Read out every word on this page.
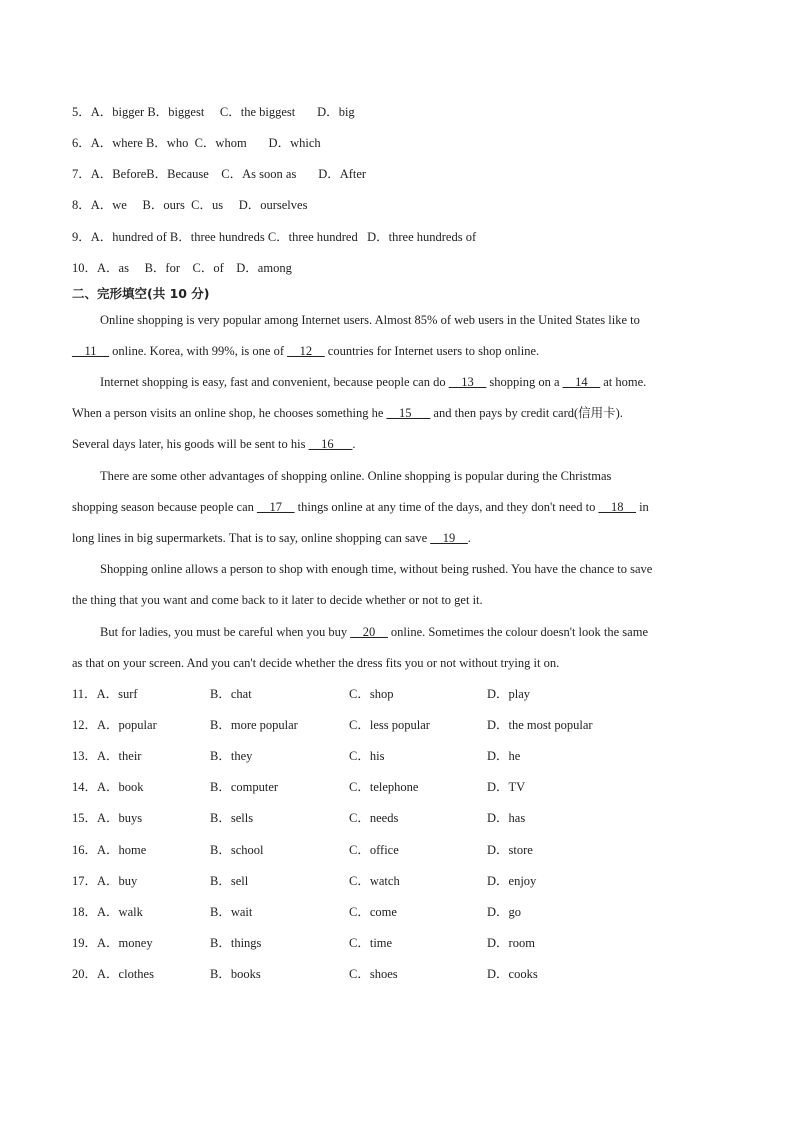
5．A．bigger B．biggest     C．the biggest       D．big
6．A．where B．who  C．whom       D．which
7．A．BeforeB．Because    C．As soon as       D．After
8．A．we     B．ours  C．us     D．ourselves
9．A．hundred of B．three hundreds C．three hundred   D．three hundreds of
10．A．as     B．for    C．of    D．among
二、完形填空(共 10 分)
Online shopping is very popular among Internet users. Almost 85% of web users in the United States like to
__11__ online. Korea, with 99%, is one of __12__ countries for Internet users to shop online.
Internet shopping is easy, fast and convenient, because people can do __13__ shopping on a __14__ at home.
When a person visits an online shop, he chooses something he __15___ and then pays by credit card(信用卡).
Several days later, his goods will be sent to his __16___.
There are some other advantages of shopping online. Online shopping is popular during the Christmas
shopping season because people can __17__ things online at any time of the days, and they don't need to __18__ in
long lines in big supermarkets. That is to say, online shopping can save __19__.
Shopping online allows a person to shop with enough time, without being rushed. You have the chance to save
the thing that you want and come back to it later to decide whether or not to get it.
But for ladies, you must be careful when you buy __20__ online. Sometimes the colour doesn't look the same
as that on your screen. And you can't decide whether the dress fits you or not without trying it on.
11．A．surf	B．chat	C．shop	D．play
12．A．popular	B．more popular	C．less popular	D．the most popular
13．A．their	B．they	C．his	D．he
14．A．book	B．computer	C．telephone	D．TV
15．A．buys	B．sells	C．needs	D．has
16．A．home	B．school	C．office	D．store
17．A．buy	B．sell	C．watch	D．enjoy
18．A．walk	B．wait	C．come	D．go
19．A．money	B．things	C．time	D．room
20．A．clothes	B．books	C．shoes	D．cooks
